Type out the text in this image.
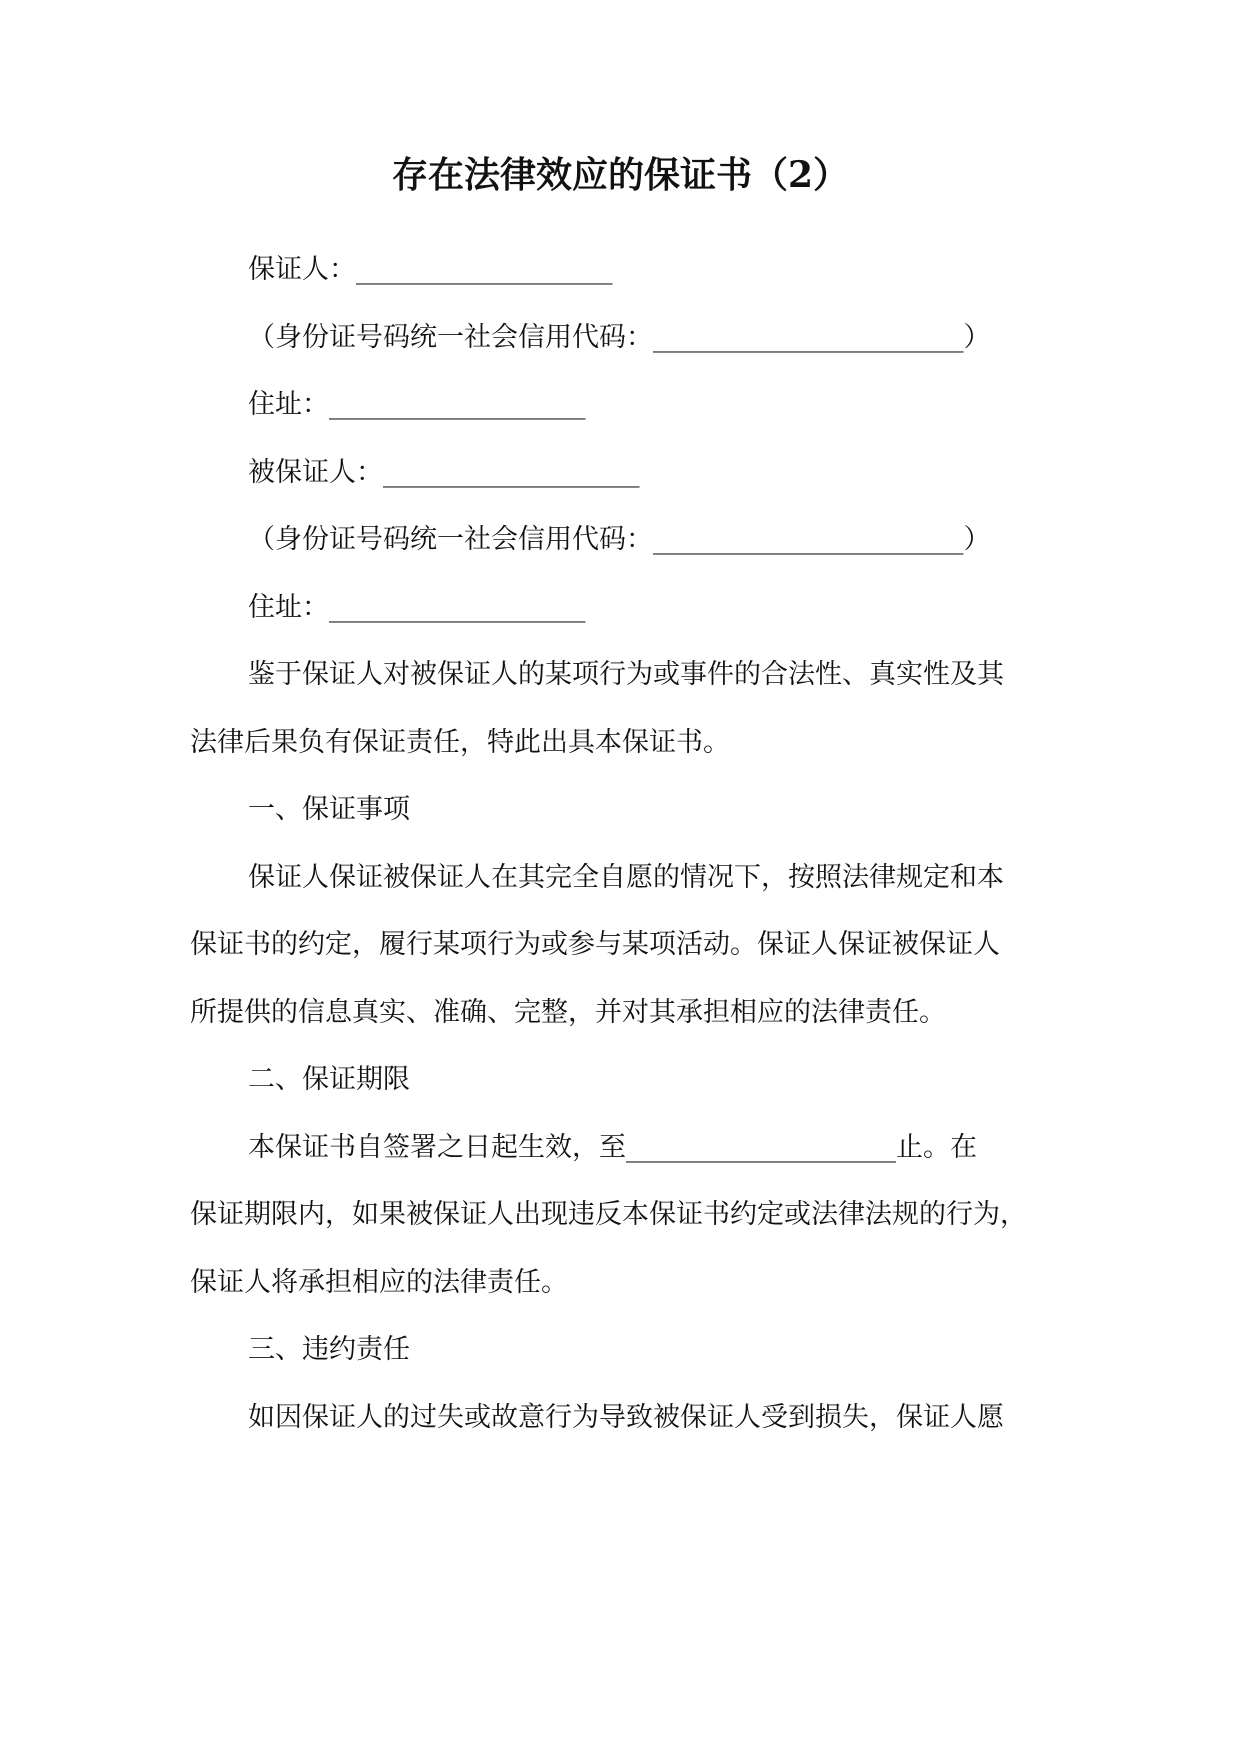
存在法律效应的保证书（2）
保证人：___________________
（身份证号码统一社会信用代码：_______________________）
住址：___________________
被保证人：___________________
（身份证号码统一社会信用代码：_______________________）
住址：___________________
鉴于保证人对被保证人的某项行为或事件的合法性、真实性及其
法律后果负有保证责任，特此出具本保证书。
一、保证事项
保证人保证被保证人在其完全自愿的情况下，按照法律规定和本
保证书的约定，履行某项行为或参与某项活动。保证人保证被保证人
所提供的信息真实、准确、完整，并对其承担相应的法律责任。
二、保证期限
本保证书自签署之日起生效，至____________________止。在
保证期限内，如果被保证人出现违反本保证书约定或法律法规的行为，
保证人将承担相应的法律责任。
三、违约责任
如因保证人的过失或故意行为导致被保证人受到损失，保证人愿
